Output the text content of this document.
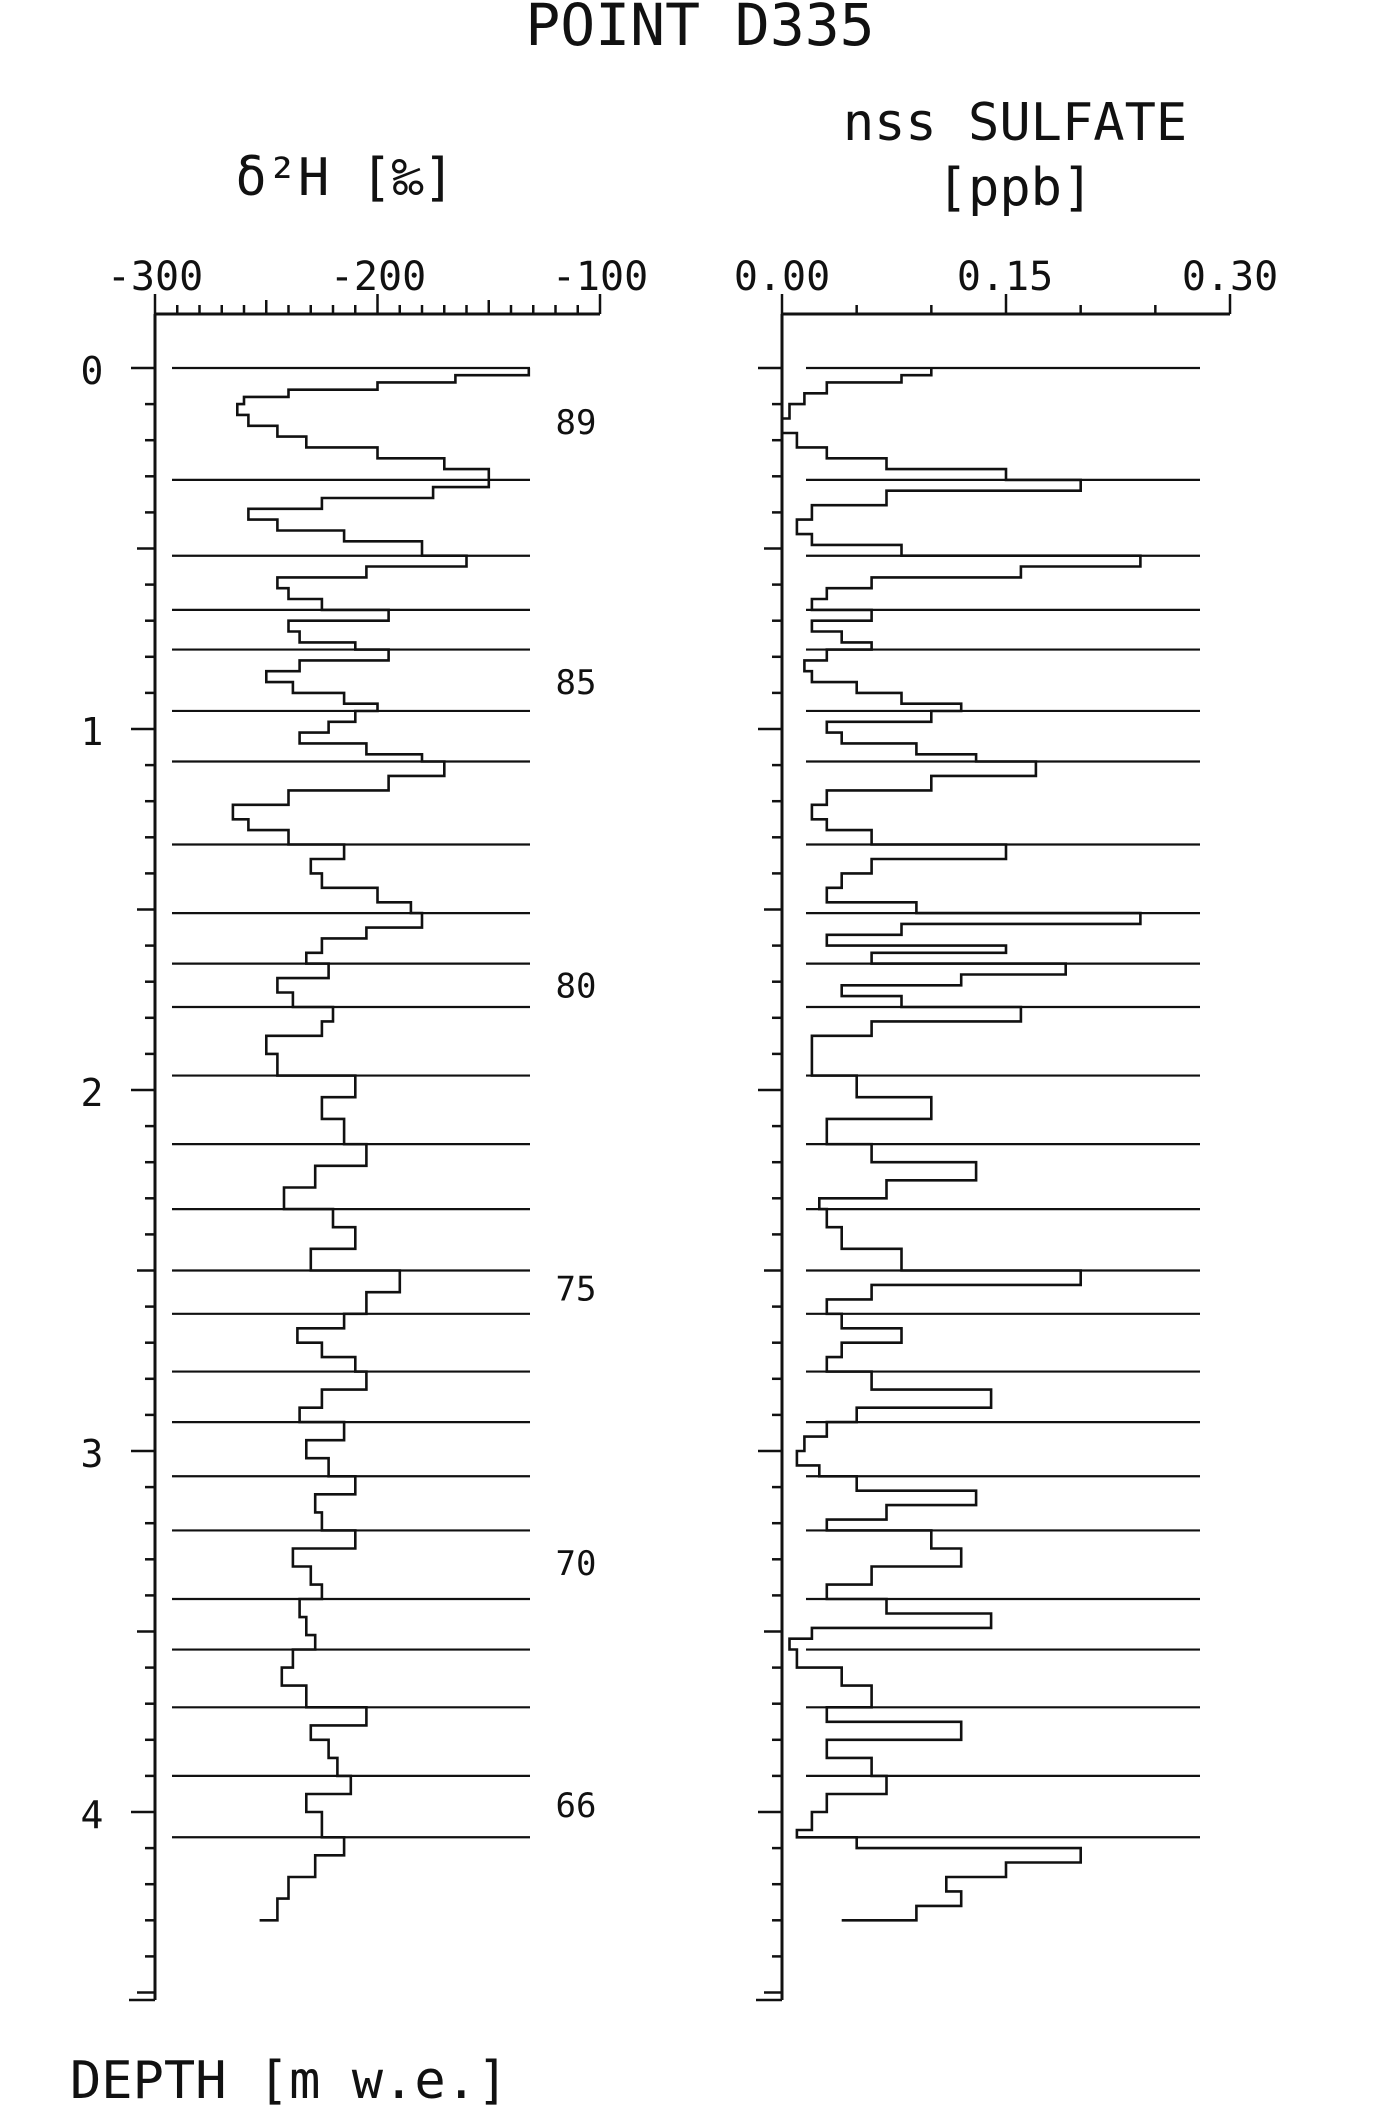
POINT D335
δ²H [‰]
-300	-200	-100
nss SULFATE
[ppb]
0.00	0.15	0.30
0
1
2
3
4
89
85
80
75
70
66
DEPTH [m w.e.]
